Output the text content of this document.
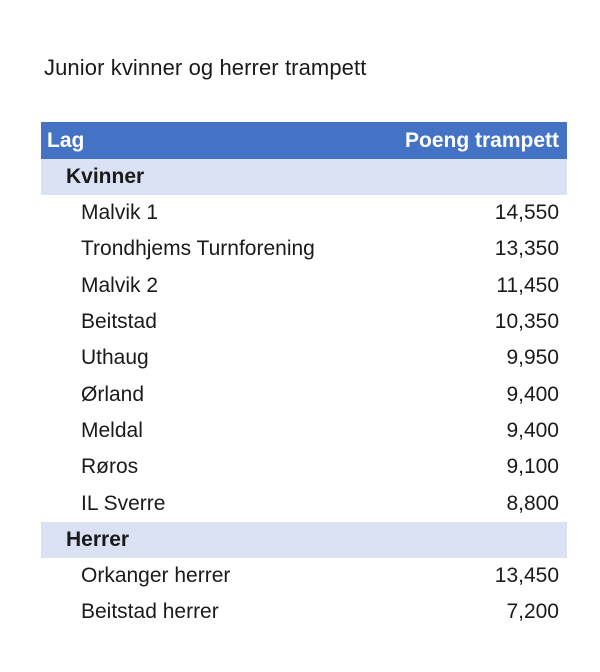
Junior kvinner og herrer trampett
Lag	Poeng trampett
Kvinner
Malvik 1	14,550
Trondhjems Turnforening	13,350
Malvik 2	11,450
Beitstad	10,350
Uthaug	9,950
Ørland	9,400
Meldal	9,400
Røros	9,100
IL Sverre	8,800
Herrer
Orkanger herrer	13,450
Beitstad herrer	7,200
